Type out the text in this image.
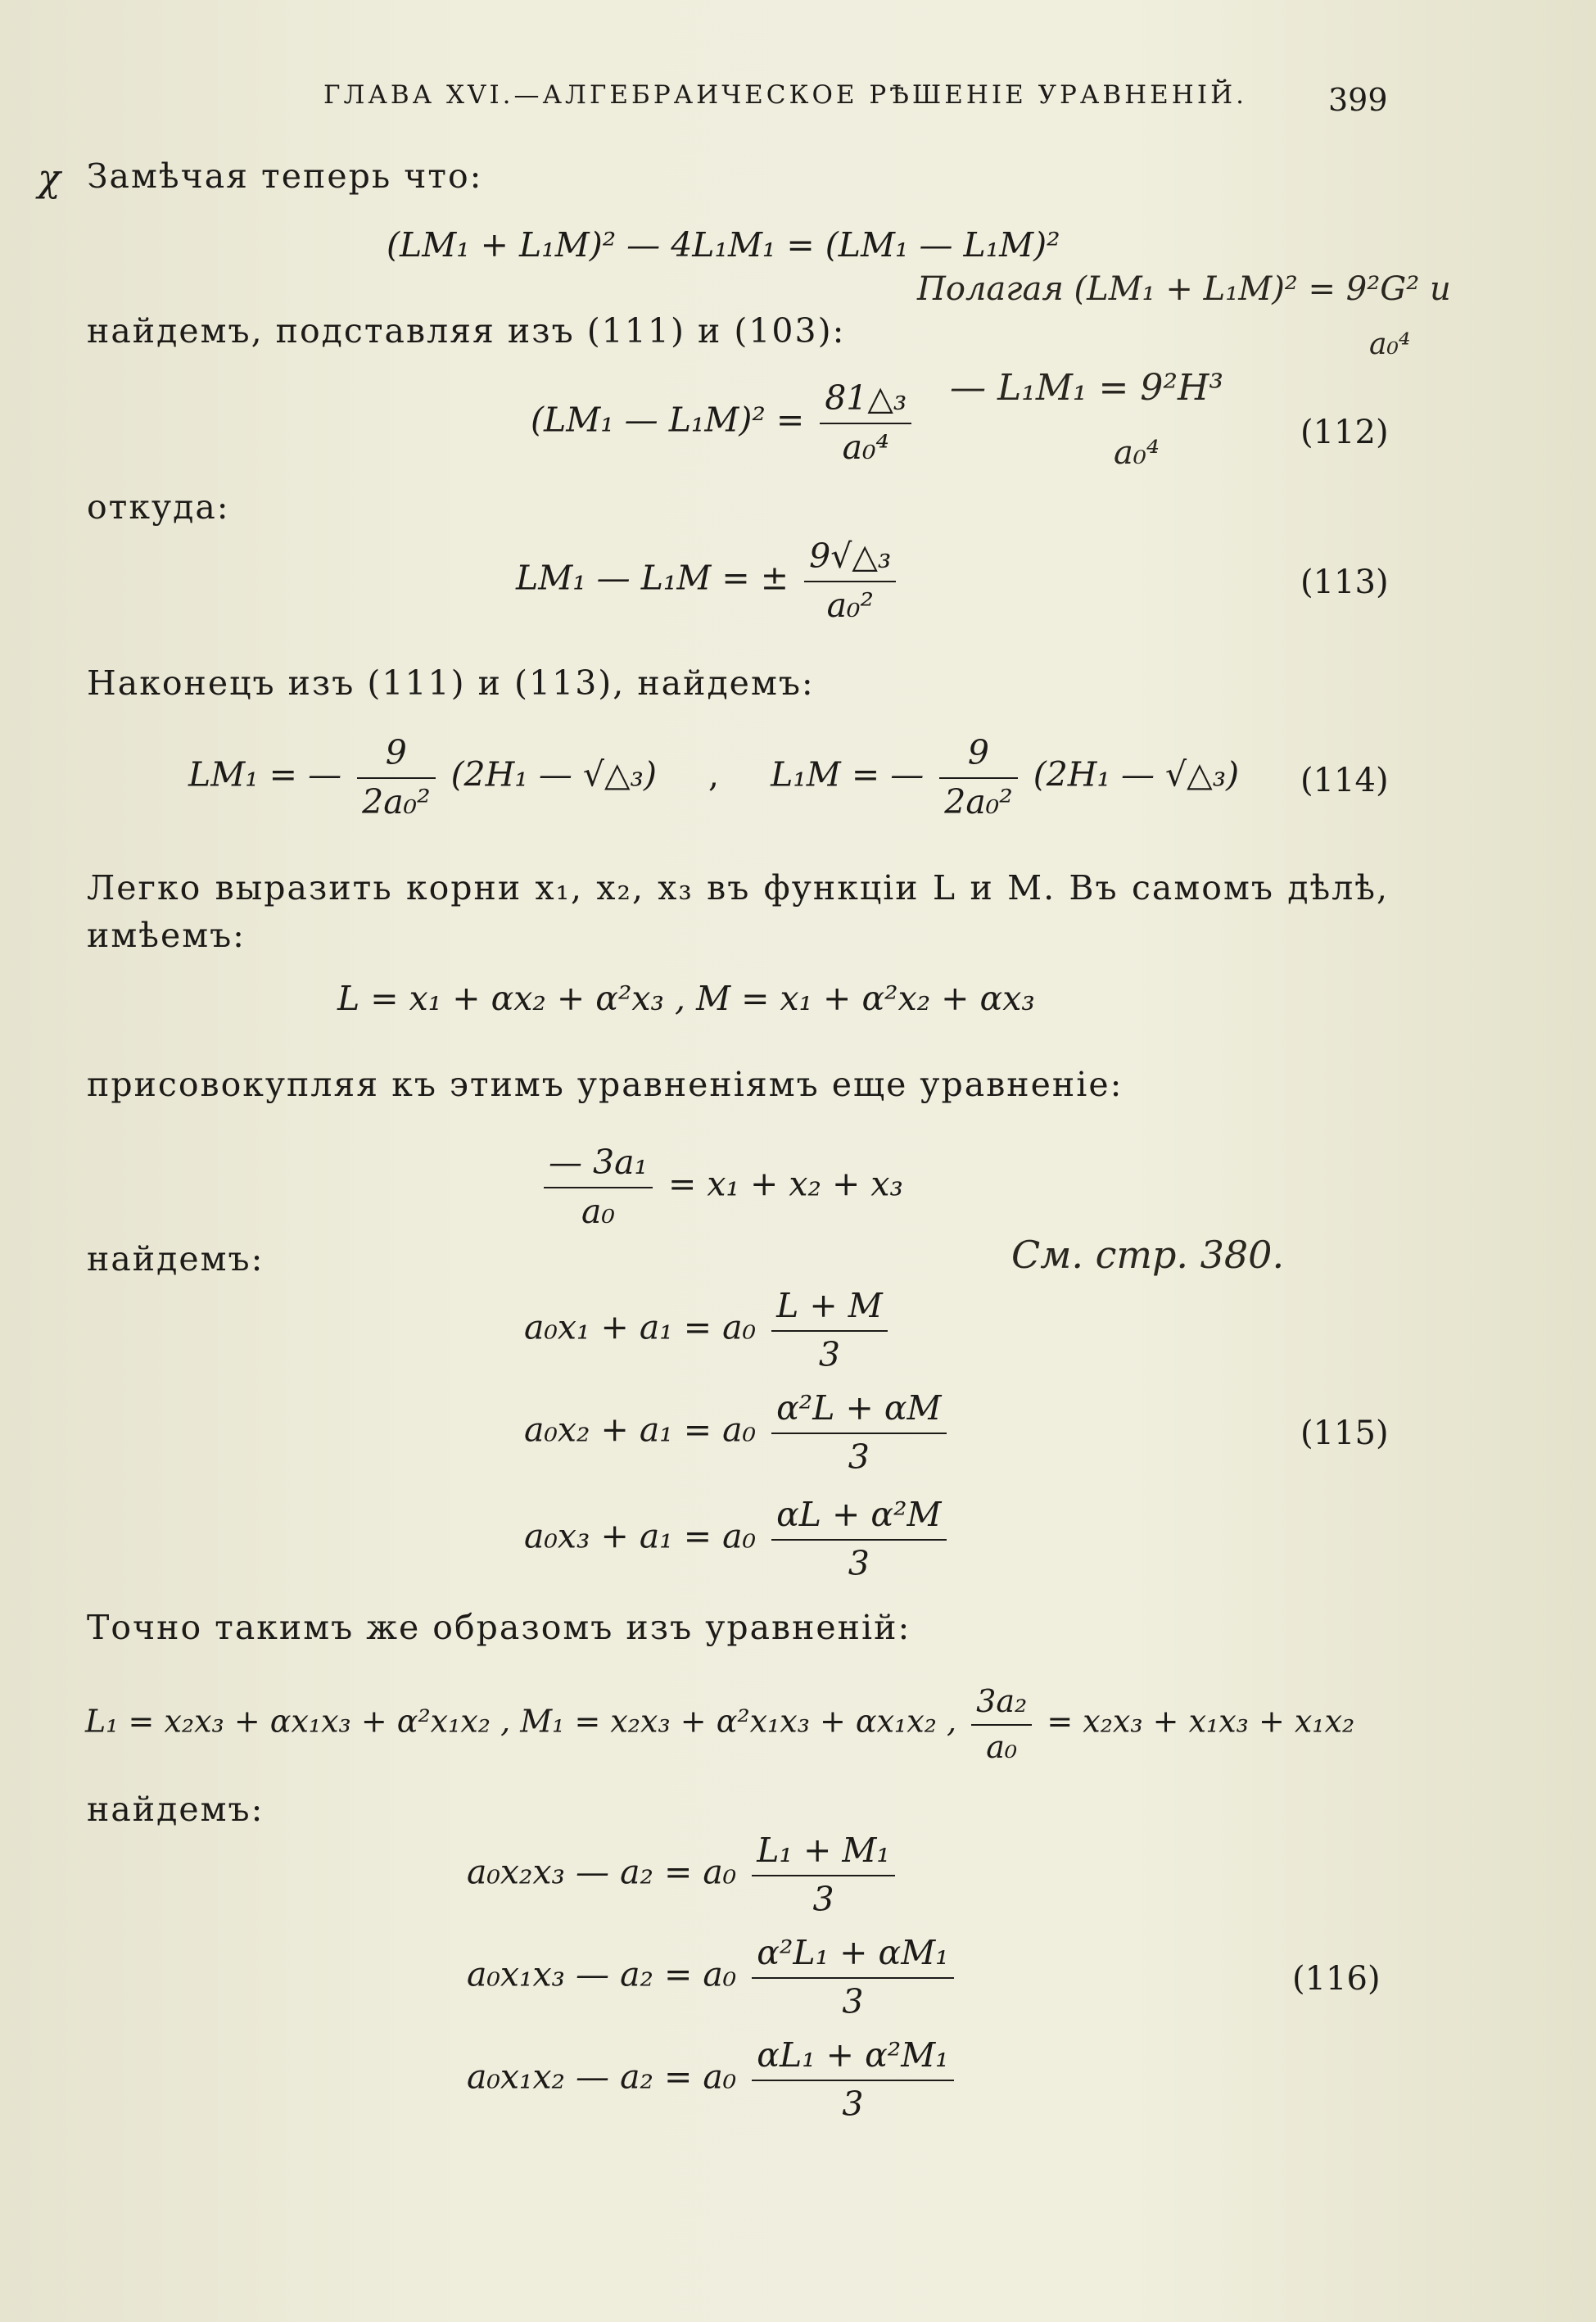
ГЛАВА XVI.—АЛГЕБРАИЧЕСКОЕ РѢШЕНІЕ УРАВНЕНІЙ.	399
χ Замѣчая теперь что:
(LM₁ + L₁M)² — 4L₁M₁ = (LM₁ — L₁M)²
найдемъ, подставляя изъ (111) и (103):
Полагая (LM₁ + L₁M)² = 9²G² и
a₀⁴
(LM₁ — $L_1M)^2 = \frac{\text{81△₃}}{\text{a₀⁴}}$ — L₁M₁ = 9²H³
a₀⁴
(112)
откуда:
LM₁ — L₁M = ± $\frac{\text{9√△₃}}{\text{a₀²}}$	(113)
Наконецъ изъ (111) и (113), найдемъ:
LM₁ = — $\frac{9}{\text{2a₀²}} (2H_1$ — √△₃) , L₁M = — $\frac{9}{\text{2a₀²}} (2H_1$ — √△₃) (114)
Легко выразить корни x₁, x₂, x₃ въ функціи L и M. Въ самомъ дѣлѣ, имѣемъ:
L = x₁ + αx₂ + α²x₃ , M = x₁ + α²x₂ + αx₃
присовокупляя къ этимъ уравненіямъ еще уравненіе:
$\frac{\text{— 3a₁}}{\text{a₀}} = x_1 + x_2 + x_3$
найдемъ:	См. стр. 380.
$a_0x_1 + a_1 = a_0 \frac{L + M}{3}$
$a_0x_2 + a_1 = a_0 \frac{\text{α²L + αM}}{3}$	(115)
$a_0x_3 + a_1 = a_0 \frac{\text{αL + α²M}}{3}$
Точно такимъ же образомъ изъ уравненій:
L₁ = x₂x₃ + αx₁x₃ + α²x₁x₂ , M₁ = x₂x₃ + α²x₁x₃ + αx₁x₂ , $\frac{\text{3a₂}}{\text{a₀}} = x_2x_3 + x_1x_3 + x_1x_2$
найдемъ:
a₀x₂x₃ — $a_2 = a_0 \frac{\text{L₁ + M₁}}{3}$
a₀x₁x₃ — $a_2 = a_0 \frac{\text{α²L₁ + αM₁}}{3}$	(116)
a₀x₁x₂ — $a_2 = a_0 \frac{\text{αL₁ + α²M₁}}{3}$
